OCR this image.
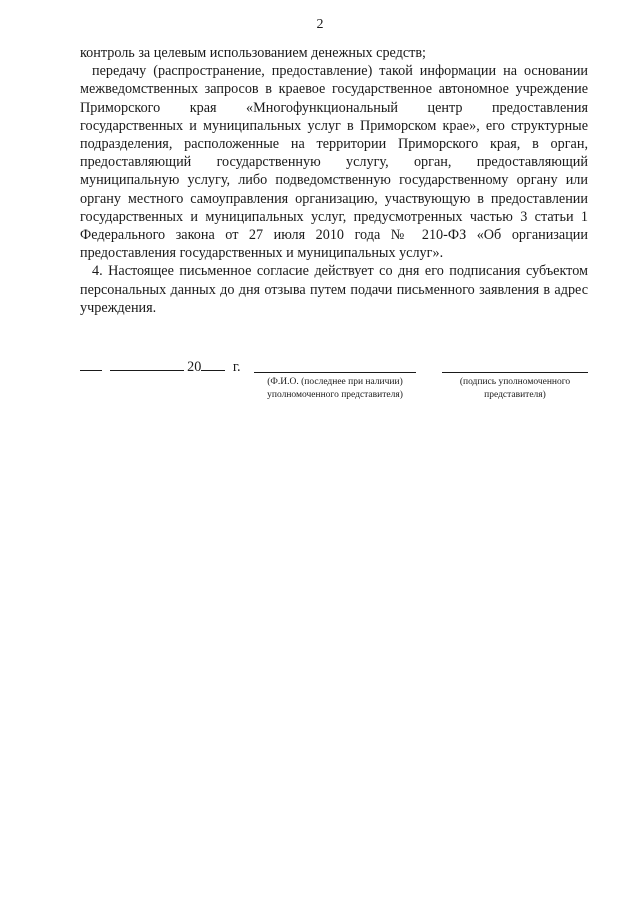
2

контроль за целевым использованием денежных средств;

передачу (распространение, предоставление) такой информации на основании межведомственных запросов в краевое государственное автономное учреждение Приморского края «Многофункциональный центр предоставления государственных и муниципальных услуг в Приморском крае», его структурные подразделения, расположенные на территории Приморского края, в орган, предоставляющий государственную услугу, орган, предоставляющий муниципальную услугу, либо подведомственную государственному органу или органу местного самоуправления организацию, участвующую в предоставлении государственных и муниципальных услуг, предусмотренных частью 3 статьи 1 Федерального закона от 27 июля 2010 года № 210-ФЗ «Об организации предоставления государственных и муниципальных услуг».

4. Настоящее письменное согласие действует со дня его подписания субъектом персональных данных до дня отзыва путем подачи письменного заявления в адрес учреждения.

20 г.
(Ф.И.О. (последнее при наличии)
уполномоченного представителя)
(подпись уполномоченного
представителя)
